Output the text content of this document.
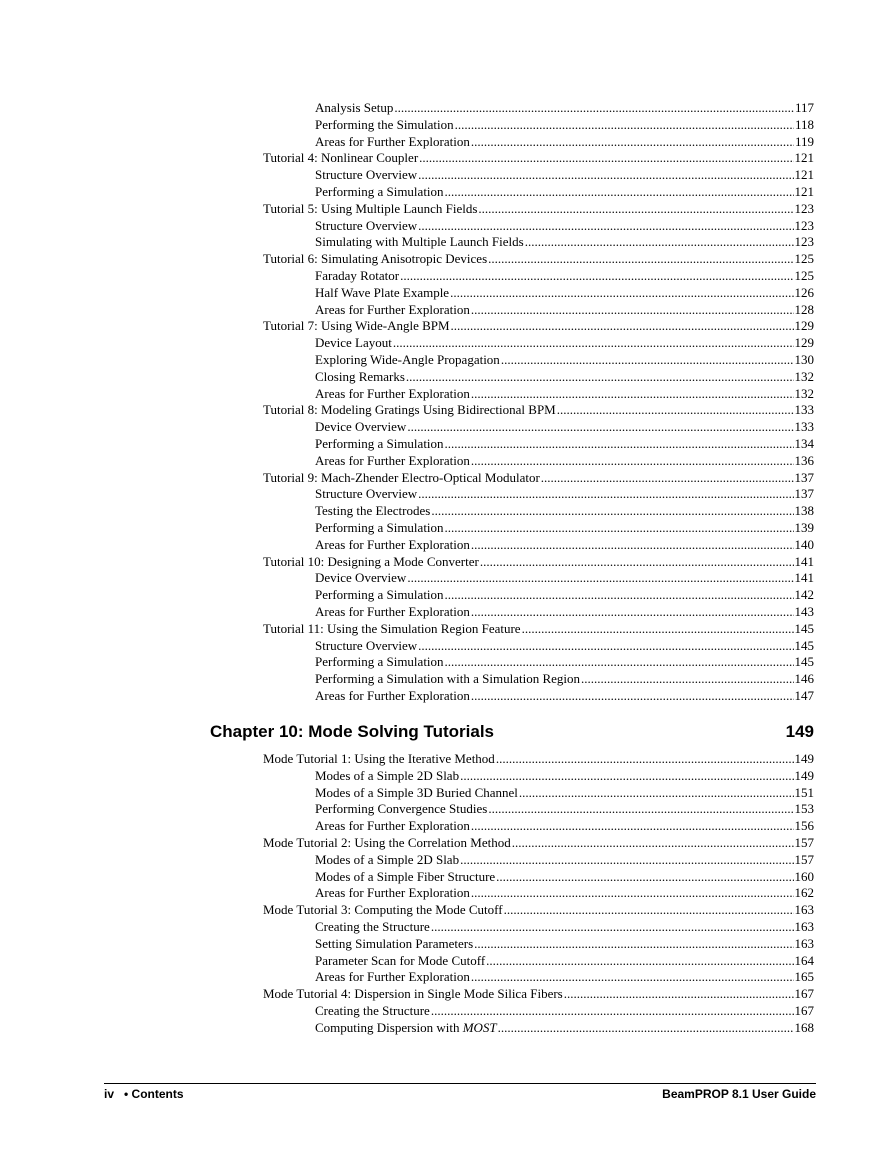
Analysis Setup .....	117
Performing the Simulation .....	118
Areas for Further Exploration .....	119
Tutorial 4: Nonlinear Coupler .....	121
Structure Overview .....	121
Performing a Simulation .....	121
Tutorial 5: Using Multiple Launch Fields .....	123
Structure Overview .....	123
Simulating with Multiple Launch Fields .....	123
Tutorial 6: Simulating Anisotropic Devices .....	125
Faraday Rotator .....	125
Half Wave Plate Example .....	126
Areas for Further Exploration .....	128
Tutorial 7: Using Wide-Angle BPM .....	129
Device Layout .....	129
Exploring Wide-Angle Propagation .....	130
Closing Remarks .....	132
Areas for Further Exploration .....	132
Tutorial 8: Modeling Gratings Using Bidirectional BPM .....	133
Device Overview .....	133
Performing a Simulation .....	134
Areas for Further Exploration .....	136
Tutorial 9: Mach-Zhender Electro-Optical Modulator .....	137
Structure Overview .....	137
Testing the Electrodes .....	138
Performing a Simulation .....	139
Areas for Further Exploration .....	140
Tutorial 10: Designing a Mode Converter .....	141
Device Overview .....	141
Performing a Simulation .....	142
Areas for Further Exploration .....	143
Tutorial 11: Using the Simulation Region Feature .....	145
Structure Overview .....	145
Performing a Simulation .....	145
Performing a Simulation with a Simulation Region .....	146
Areas for Further Exploration .....	147
Chapter 10: Mode Solving Tutorials	149
Mode Tutorial 1: Using the Iterative Method .....	149
Modes of a Simple 2D Slab .....	149
Modes of a Simple 3D Buried Channel .....	151
Performing Convergence Studies .....	153
Areas for Further Exploration .....	156
Mode Tutorial 2: Using the Correlation Method .....	157
Modes of a Simple 2D Slab .....	157
Modes of a Simple Fiber Structure .....	160
Areas for Further Exploration .....	162
Mode Tutorial 3: Computing the Mode Cutoff .....	163
Creating the Structure .....	163
Setting Simulation Parameters .....	163
Parameter Scan for Mode Cutoff .....	164
Areas for Further Exploration .....	165
Mode Tutorial 4: Dispersion in Single Mode Silica Fibers .....	167
Creating the Structure .....	167
Computing Dispersion with MOST .....	168
iv • Contents	BeamPROP 8.1 User Guide
